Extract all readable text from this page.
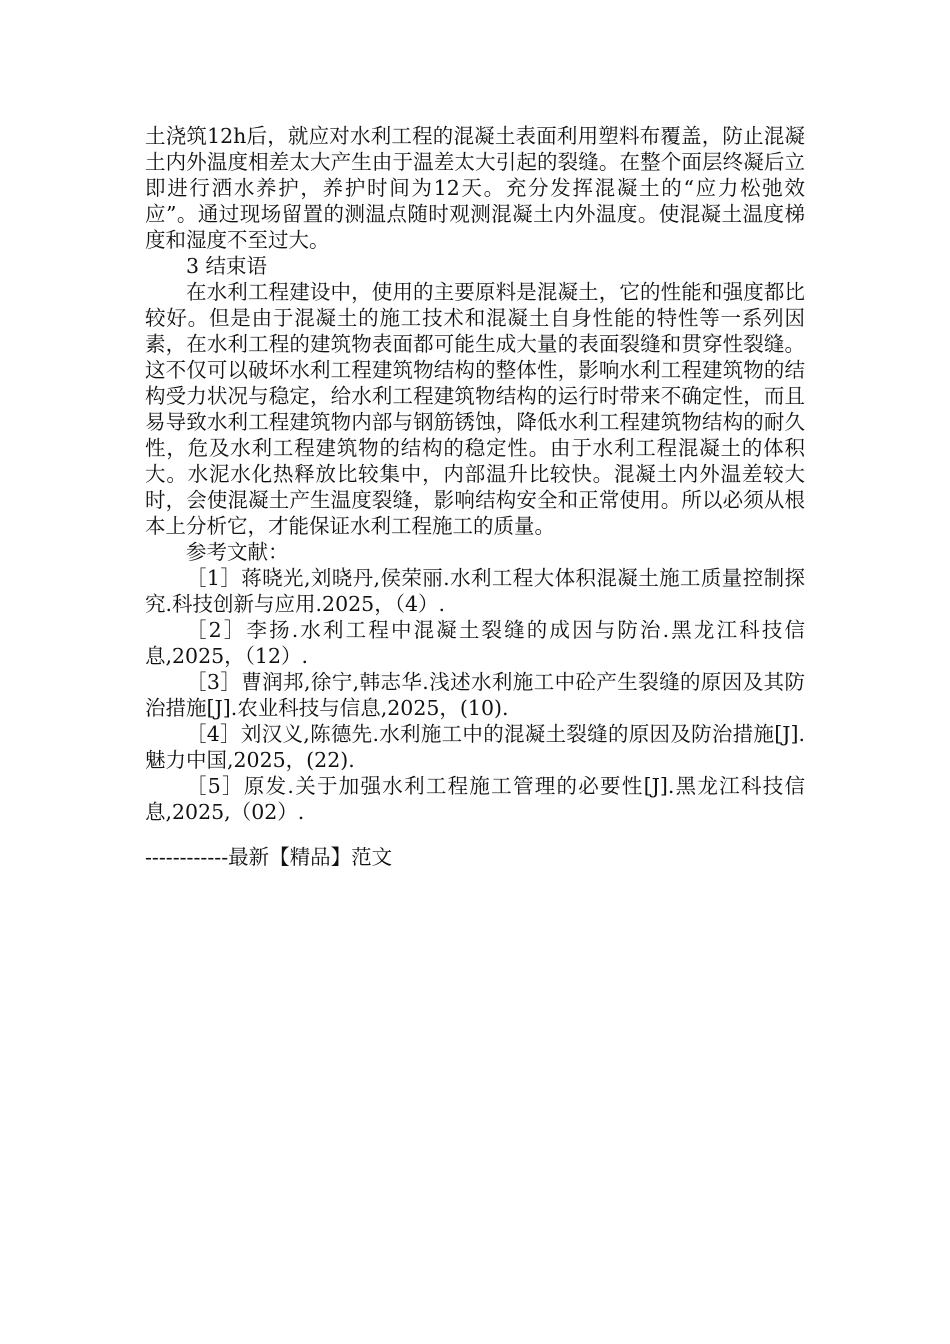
土浇筑12h后，就应对水利工程的混凝土表面利用塑料布覆盖，防止混凝土内外温度相差太大产生由于温差太大引起的裂缝。在整个面层终凝后立即进行洒水养护，养护时间为12天。充分发挥混凝土的“应力松弛效应”。通过现场留置的测温点随时观测混凝土内外温度。使混凝土温度梯度和湿度不至过大。

3 结束语

在水利工程建设中，使用的主要原料是混凝土，它的性能和强度都比较好。但是由于混凝土的施工技术和混凝土自身性能的特性等一系列因素，在水利工程的建筑物表面都可能生成大量的表面裂缝和贯穿性裂缝。这不仅可以破坏水利工程建筑物结构的整体性，影响水利工程建筑物的结构受力状况与稳定，给水利工程建筑物结构的运行时带来不确定性，而且易导致水利工程建筑物内部与钢筋锈蚀，降低水利工程建筑物结构的耐久性，危及水利工程建筑物的结构的稳定性。由于水利工程混凝土的体积大。水泥水化热释放比较集中，内部温升比较快。混凝土内外温差较大时，会使混凝土产生温度裂缝，影响结构安全和正常使用。所以必须从根本上分析它，才能保证水利工程施工的质量。

参考文献：

［1］蒋晓光,刘晓丹,侯荣丽.水利工程大体积混凝土施工质量控制探究.科技创新与应用.2025，（4）.

［2］李扬.水利工程中混凝土裂缝的成因与防治.黑龙江科技信息,2025，（12）.

［3］曹润邦,徐宁,韩志华.浅述水利施工中砼产生裂缝的原因及其防治措施[J].农业科技与信息,2025，(10).

［4］刘汉义,陈德先.水利施工中的混凝土裂缝的原因及防治措施[J].魅力中国,2025，(22).

［5］原发.关于加强水利工程施工管理的必要性[J].黑龙江科技信息,2025,（02）.

------------最新【精品】范文
